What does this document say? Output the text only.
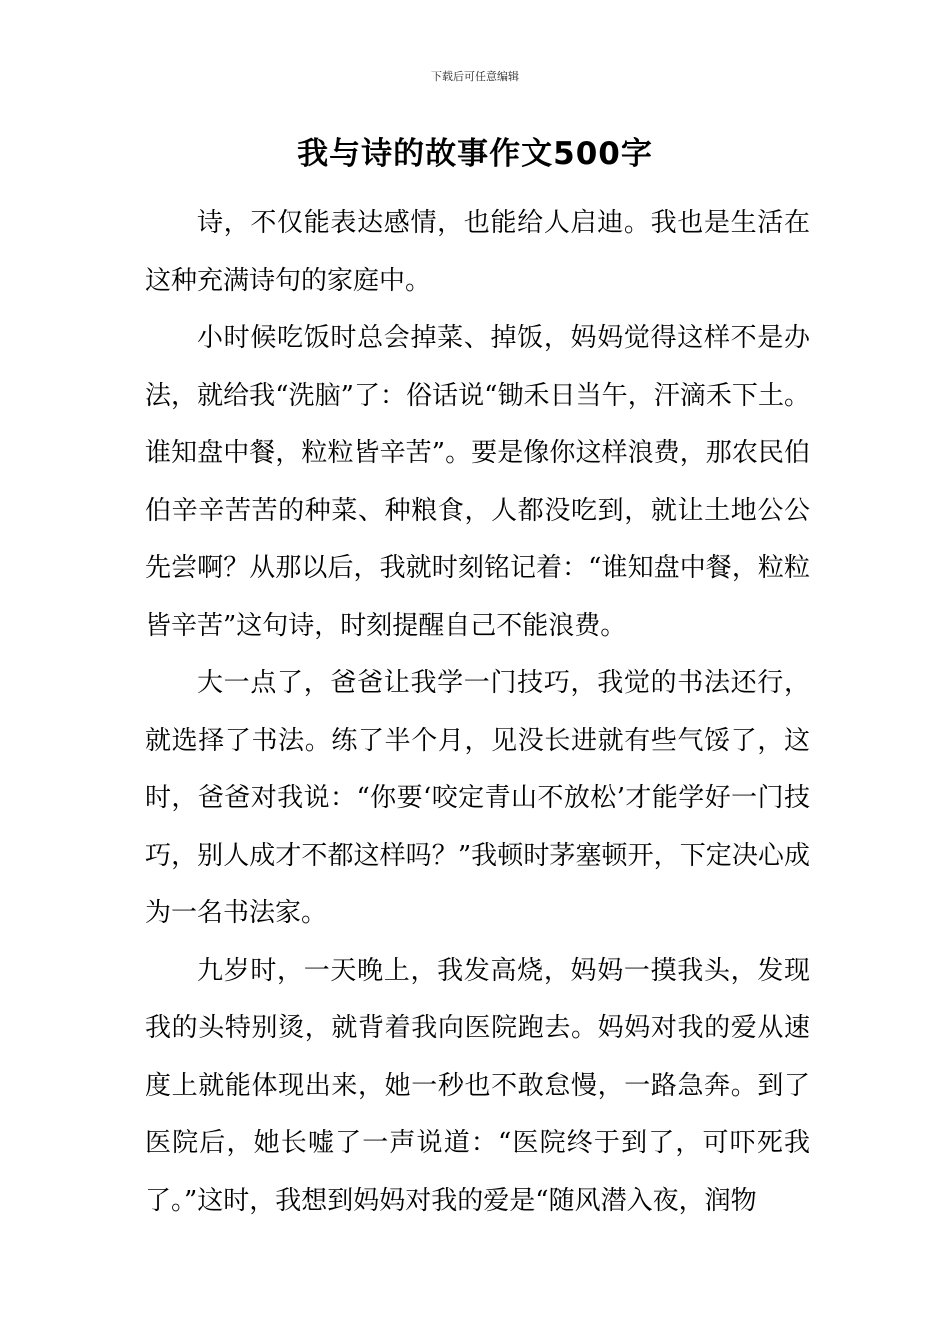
下载后可任意编辑
我与诗的故事作文500字

诗，不仅能表达感情，也能给人启迪。我也是生活在这种充满诗句的家庭中。

小时候吃饭时总会掉菜、掉饭，妈妈觉得这样不是办法，就给我“洗脑”了：俗话说“锄禾日当午，汗滴禾下土。谁知盘中餐，粒粒皆辛苦”。要是像你这样浪费，那农民伯伯辛辛苦苦的种菜、种粮食，人都没吃到，就让土地公公先尝啊？从那以后，我就时刻铭记着：“谁知盘中餐，粒粒皆辛苦”这句诗，时刻提醒自己不能浪费。

大一点了，爸爸让我学一门技巧，我觉的书法还行，就选择了书法。练了半个月，见没长进就有些气馁了，这时，爸爸对我说：“你要‘咬定青山不放松’才能学好一门技巧，别人成才不都这样吗？”我顿时茅塞顿开，下定决心成为一名书法家。

九岁时，一天晚上，我发高烧，妈妈一摸我头，发现我的头特别烫，就背着我向医院跑去。妈妈对我的爱从速度上就能体现出来，她一秒也不敢怠慢，一路急奔。到了医院后，她长嘘了一声说道：“医院终于到了，可吓死我了。”这时，我想到妈妈对我的爱是“随风潜入夜，润物
